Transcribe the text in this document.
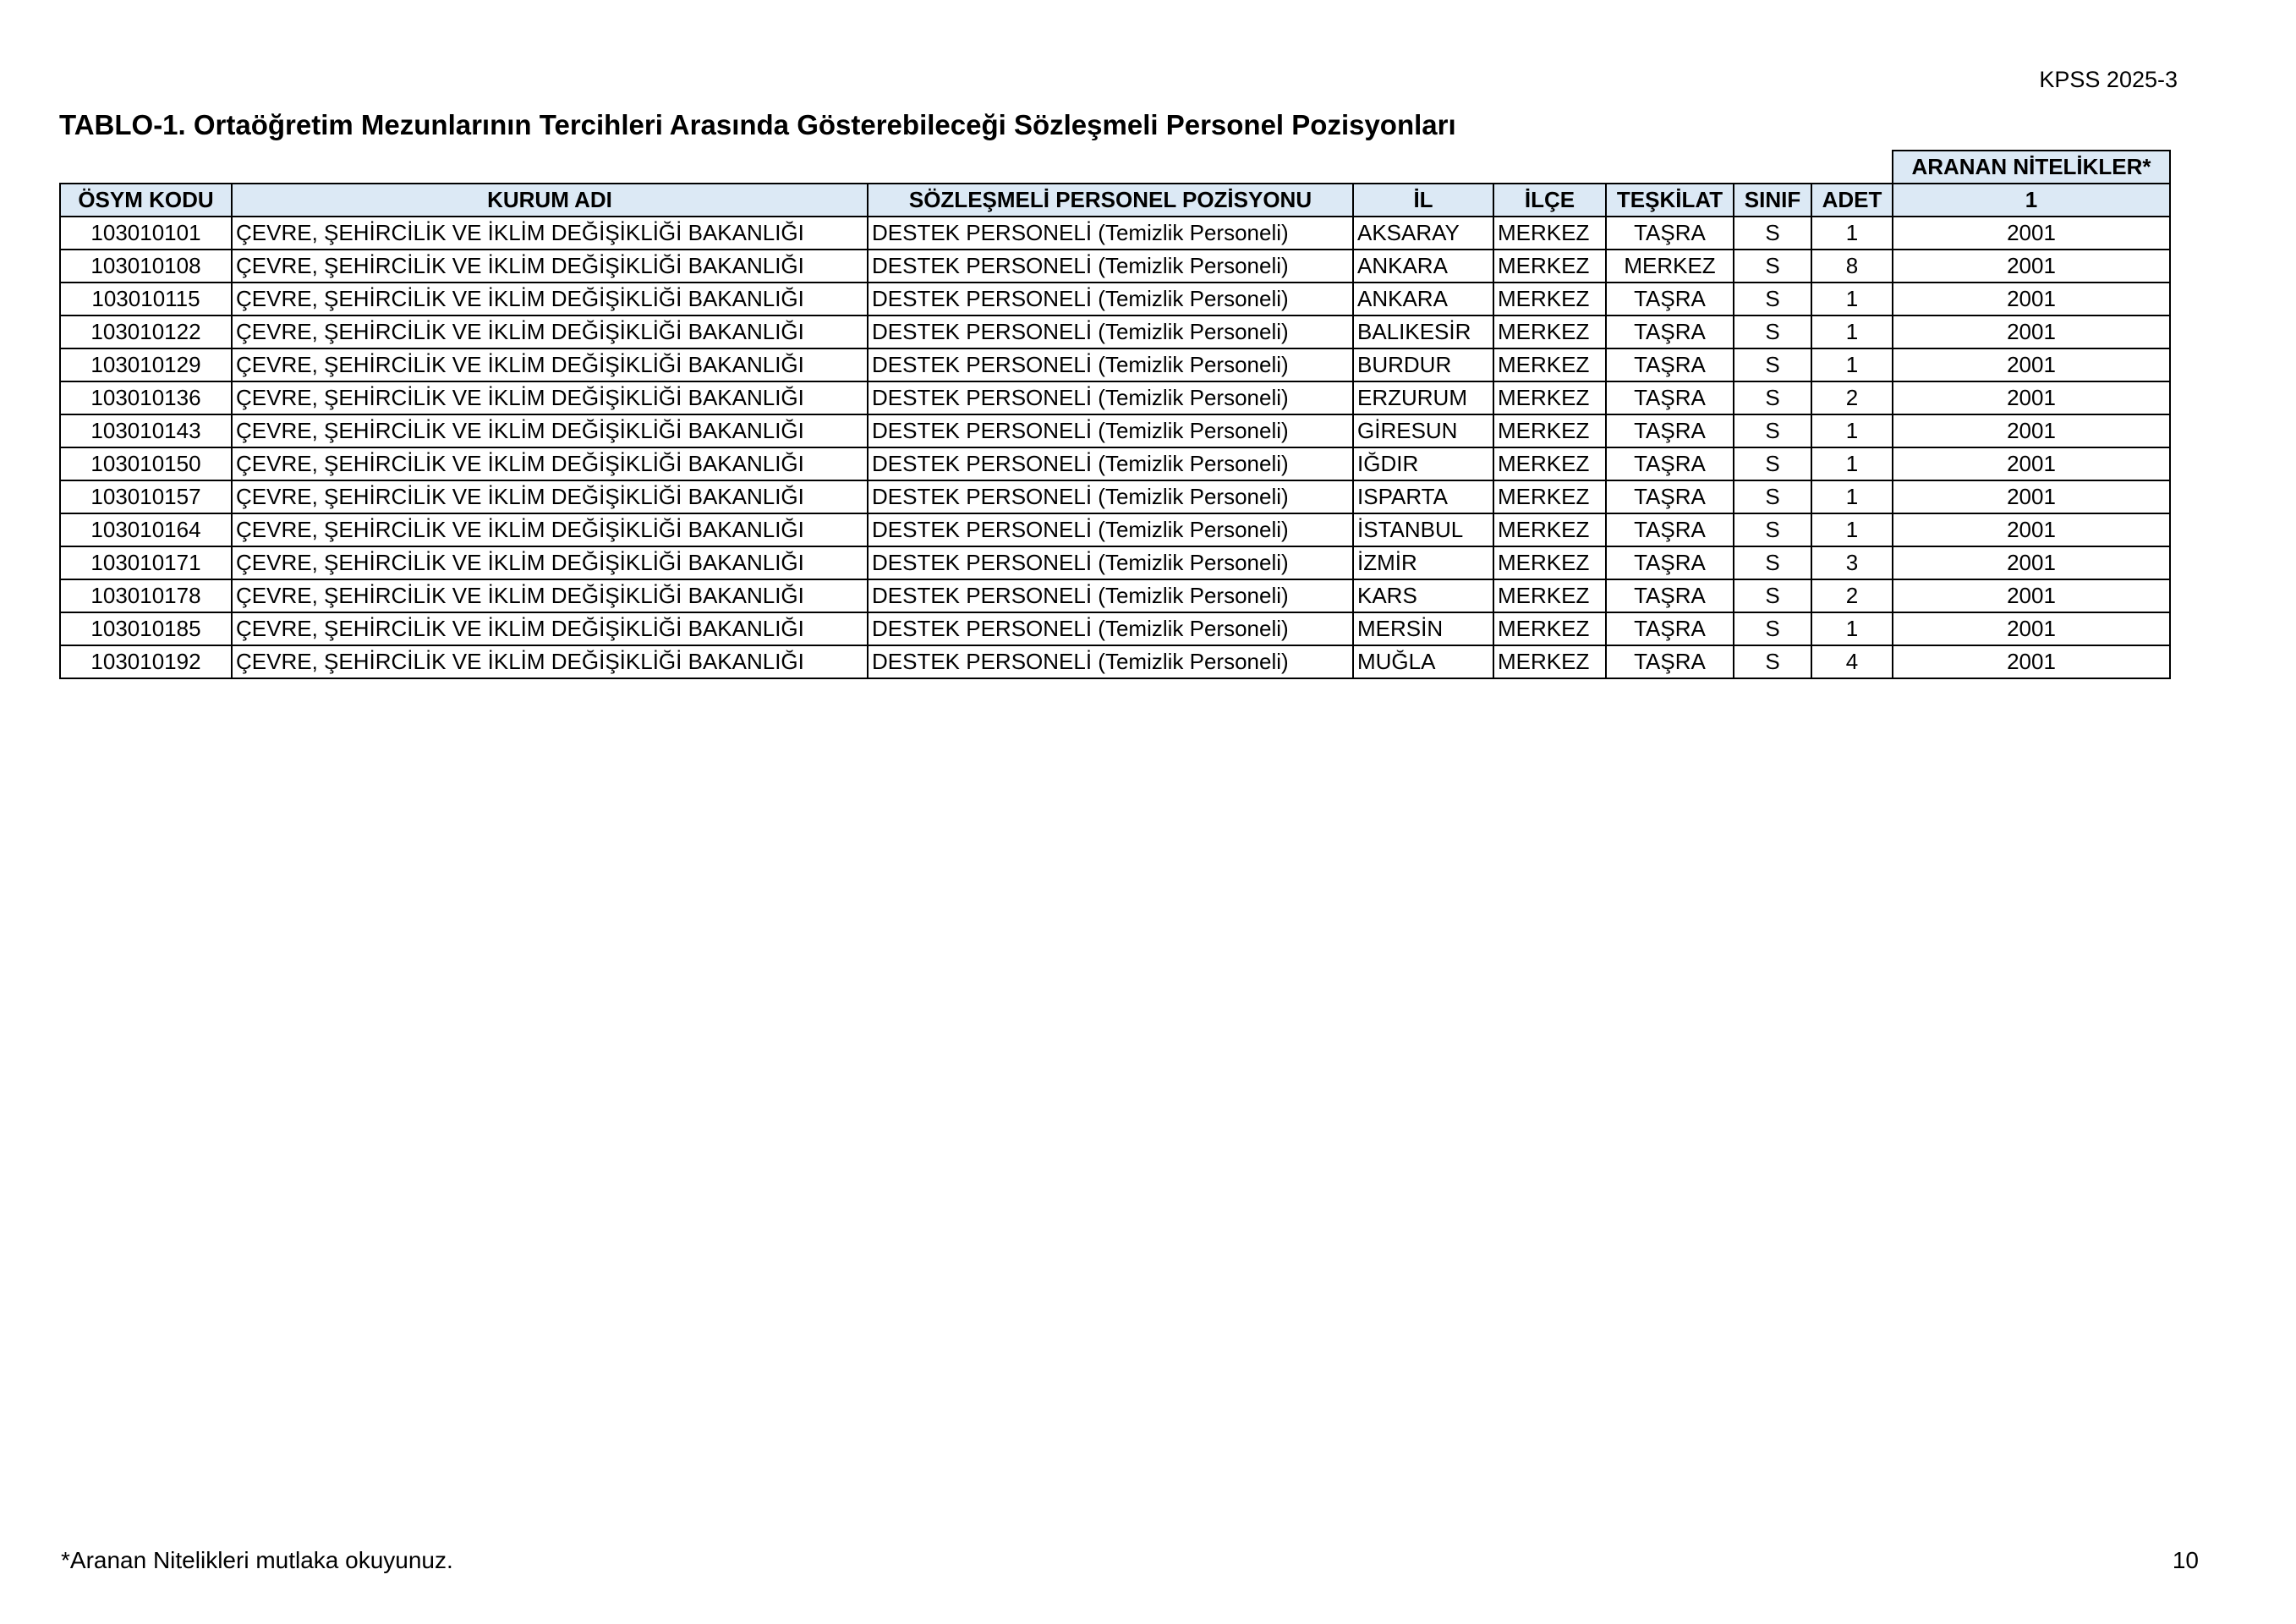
KPSS 2025-3
TABLO-1. Ortaöğretim Mezunlarının Tercihleri Arasında Gösterebileceği Sözleşmeli Personel Pozisyonları
								ARANAN NİTELİKLER*
ÖSYM KODU	KURUM ADI	SÖZLEŞMELİ PERSONEL POZİSYONU	İL	İLÇE	TEŞKİLAT	SINIF	ADET	1
103010101	ÇEVRE, ŞEHİRCİLİK VE İKLİM DEĞİŞİKLİĞİ BAKANLIĞI	DESTEK PERSONELİ (Temizlik Personeli)	AKSARAY	MERKEZ	TAŞRA	S	1	2001
103010108	ÇEVRE, ŞEHİRCİLİK VE İKLİM DEĞİŞİKLİĞİ BAKANLIĞI	DESTEK PERSONELİ (Temizlik Personeli)	ANKARA	MERKEZ	MERKEZ	S	8	2001
103010115	ÇEVRE, ŞEHİRCİLİK VE İKLİM DEĞİŞİKLİĞİ BAKANLIĞI	DESTEK PERSONELİ (Temizlik Personeli)	ANKARA	MERKEZ	TAŞRA	S	1	2001
103010122	ÇEVRE, ŞEHİRCİLİK VE İKLİM DEĞİŞİKLİĞİ BAKANLIĞI	DESTEK PERSONELİ (Temizlik Personeli)	BALIKESİR	MERKEZ	TAŞRA	S	1	2001
103010129	ÇEVRE, ŞEHİRCİLİK VE İKLİM DEĞİŞİKLİĞİ BAKANLIĞI	DESTEK PERSONELİ (Temizlik Personeli)	BURDUR	MERKEZ	TAŞRA	S	1	2001
103010136	ÇEVRE, ŞEHİRCİLİK VE İKLİM DEĞİŞİKLİĞİ BAKANLIĞI	DESTEK PERSONELİ (Temizlik Personeli)	ERZURUM	MERKEZ	TAŞRA	S	2	2001
103010143	ÇEVRE, ŞEHİRCİLİK VE İKLİM DEĞİŞİKLİĞİ BAKANLIĞI	DESTEK PERSONELİ (Temizlik Personeli)	GİRESUN	MERKEZ	TAŞRA	S	1	2001
103010150	ÇEVRE, ŞEHİRCİLİK VE İKLİM DEĞİŞİKLİĞİ BAKANLIĞI	DESTEK PERSONELİ (Temizlik Personeli)	IĞDIR	MERKEZ	TAŞRA	S	1	2001
103010157	ÇEVRE, ŞEHİRCİLİK VE İKLİM DEĞİŞİKLİĞİ BAKANLIĞI	DESTEK PERSONELİ (Temizlik Personeli)	ISPARTA	MERKEZ	TAŞRA	S	1	2001
103010164	ÇEVRE, ŞEHİRCİLİK VE İKLİM DEĞİŞİKLİĞİ BAKANLIĞI	DESTEK PERSONELİ (Temizlik Personeli)	İSTANBUL	MERKEZ	TAŞRA	S	1	2001
103010171	ÇEVRE, ŞEHİRCİLİK VE İKLİM DEĞİŞİKLİĞİ BAKANLIĞI	DESTEK PERSONELİ (Temizlik Personeli)	İZMİR	MERKEZ	TAŞRA	S	3	2001
103010178	ÇEVRE, ŞEHİRCİLİK VE İKLİM DEĞİŞİKLİĞİ BAKANLIĞI	DESTEK PERSONELİ (Temizlik Personeli)	KARS	MERKEZ	TAŞRA	S	2	2001
103010185	ÇEVRE, ŞEHİRCİLİK VE İKLİM DEĞİŞİKLİĞİ BAKANLIĞI	DESTEK PERSONELİ (Temizlik Personeli)	MERSİN	MERKEZ	TAŞRA	S	1	2001
103010192	ÇEVRE, ŞEHİRCİLİK VE İKLİM DEĞİŞİKLİĞİ BAKANLIĞI	DESTEK PERSONELİ (Temizlik Personeli)	MUĞLA	MERKEZ	TAŞRA	S	4	2001
*Aranan Nitelikleri mutlaka okuyunuz.	10
